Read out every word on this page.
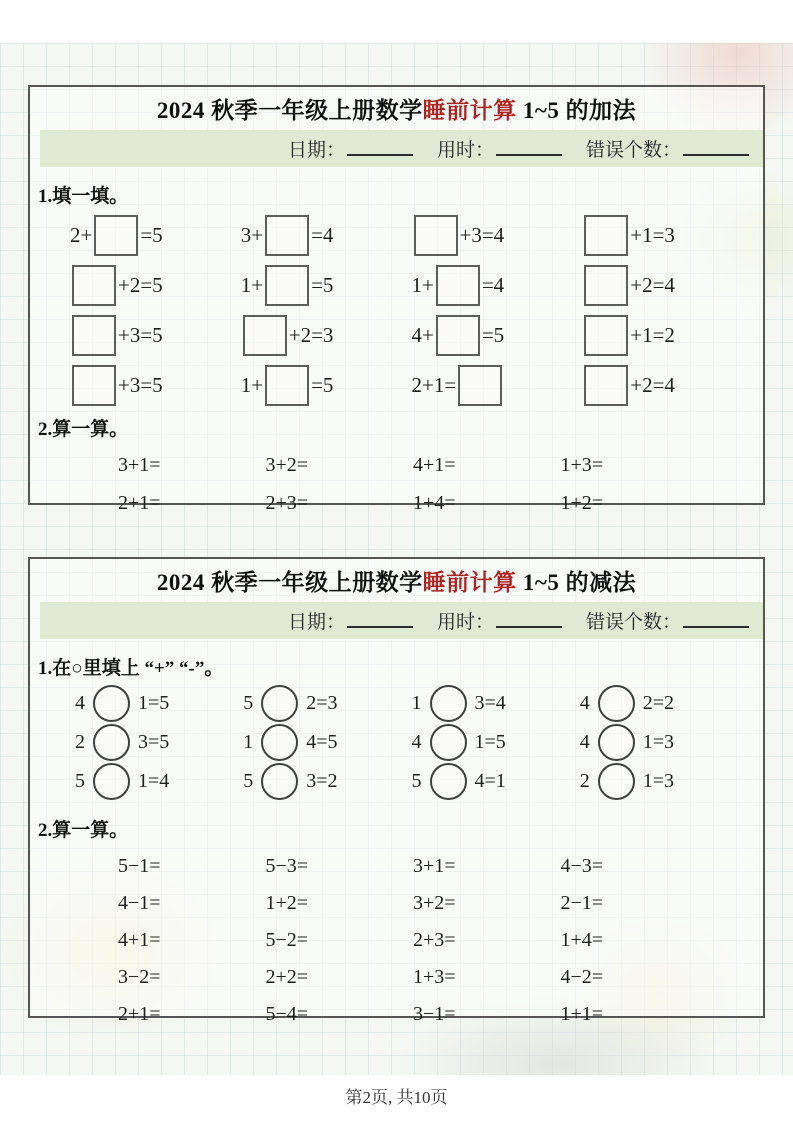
2024 秋季一年级上册数学睡前计算 1~5 的加法
日期：	用时：	错误个数：
1.填一填。
2+ =5	3+ =4	+3=4	+1=3
+2=5	1+ =5	1+ =4	+2=4
+3=5	+2=3	4+ =5	+1=2
+3=5	1+ =5	2+1=	+2=4
2.算一算。
3+1=	3+2=	4+1=	1+3=
2+1=	2+3=	1+4=	1+2=
2024 秋季一年级上册数学睡前计算 1~5 的减法
日期：	用时：	错误个数：
1.在○里填上 “+” “-”。
4	1=5	5	2=3	1	3=4	4	2=2
2	3=5	1	4=5	4	1=5	4	1=3
5	1=4	5	3=2	5	4=1	2	1=3
2.算一算。
5−1=	5−3=	3+1=	4−3=
4−1=	1+2=	3+2=	2−1=
4+1=	5−2=	2+3=	1+4=
3−2=	2+2=	1+3=	4−2=
2+1=	5−4=	3−1=	1+1=
第2页, 共10页
